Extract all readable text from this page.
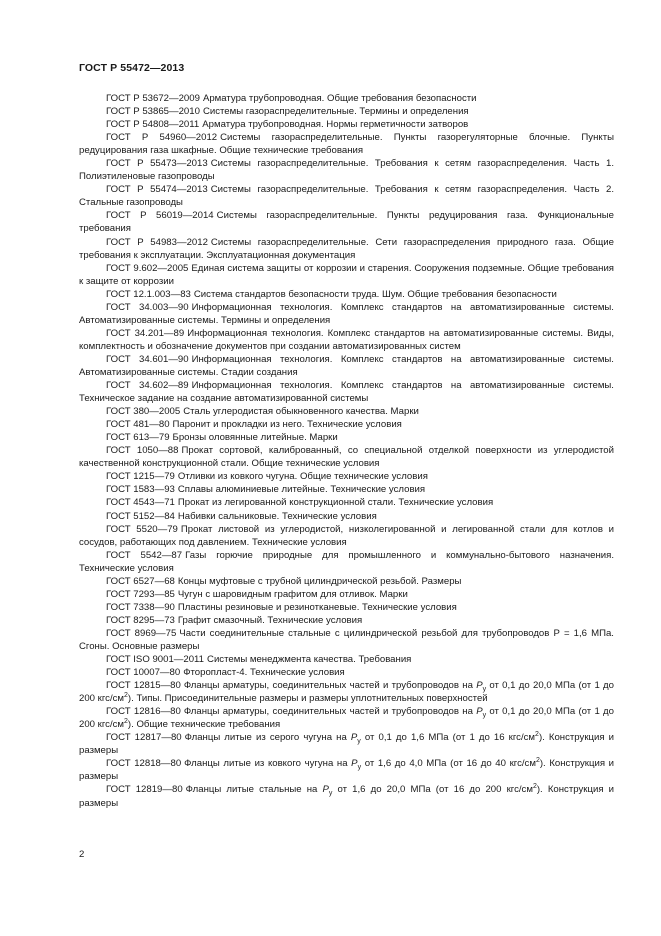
ГОСТ Р 55472—2013

ГОСТ Р 53672—2009 Арматура трубопроводная. Общие требования безопасности

ГОСТ Р 53865—2010 Системы газораспределительные. Термины и определения

ГОСТ Р 54808—2011 Арматура трубопроводная. Нормы герметичности затворов

ГОСТ Р 54960—2012 Системы газораспределительные. Пункты газорегуляторные блочные. Пункты редуцирования газа шкафные. Общие технические требования

ГОСТ Р 55473—2013 Системы газораспределительные. Требования к сетям газораспределения. Часть 1. Полиэтиленовые газопроводы

ГОСТ Р 55474—2013 Системы газораспределительные. Требования к сетям газораспределения. Часть 2. Стальные газопроводы

ГОСТ Р 56019—2014 Системы газораспределительные. Пункты редуцирования газа. Функциональные требования

ГОСТ Р 54983—2012 Системы газораспределительные. Сети газораспределения природного газа. Общие требования к эксплуатации. Эксплуатационная документация

ГОСТ 9.602—2005 Единая система защиты от коррозии и старения. Сооружения подземные. Общие требования к защите от коррозии

ГОСТ 12.1.003—83 Система стандартов безопасности труда. Шум. Общие требования безопасности

ГОСТ 34.003—90 Информационная технология. Комплекс стандартов на автоматизированные системы. Автоматизированные системы. Термины и определения

ГОСТ 34.201—89 Информационная технология. Комплекс стандартов на автоматизированные системы. Виды, комплектность и обозначение документов при создании автоматизированных систем

ГОСТ 34.601—90 Информационная технология. Комплекс стандартов на автоматизированные системы. Автоматизированные системы. Стадии создания

ГОСТ 34.602—89 Информационная технология. Комплекс стандартов на автоматизированные системы. Техническое задание на создание автоматизированной системы

ГОСТ 380—2005 Сталь углеродистая обыкновенного качества. Марки

ГОСТ 481—80 Паронит и прокладки из него. Технические условия

ГОСТ 613—79 Бронзы оловянные литейные. Марки

ГОСТ 1050—88 Прокат сортовой, калиброванный, со специальной отделкой поверхности из углеродистой качественной конструкционной стали. Общие технические условия

ГОСТ 1215—79 Отливки из ковкого чугуна. Общие технические условия

ГОСТ 1583—93 Сплавы алюминиевые литейные. Технические условия

ГОСТ 4543—71 Прокат из легированной конструкционной стали. Технические условия

ГОСТ 5152—84 Набивки сальниковые. Технические условия

ГОСТ 5520—79 Прокат листовой из углеродистой, низколегированной и легированной стали для котлов и сосудов, работающих под давлением. Технические условия

ГОСТ 5542—87 Газы горючие природные для промышленного и коммунально-бытового назначения. Технические условия

ГОСТ 6527—68 Концы муфтовые с трубной цилиндрической резьбой. Размеры

ГОСТ 7293—85 Чугун с шаровидным графитом для отливок. Марки

ГОСТ 7338—90 Пластины резиновые и резинотканевые. Технические условия

ГОСТ 8295—73 Графит смазочный. Технические условия

ГОСТ 8969—75 Части соединительные стальные с цилиндрической резьбой для трубопроводов Р = 1,6 МПа. Сгоны. Основные размеры

ГОСТ ISO 9001—2011 Системы менеджмента качества. Требования

ГОСТ 10007—80 Фторопласт-4. Технические условия

ГОСТ 12815—80 Фланцы арматуры, соединительных частей и трубопроводов на $Р_y$ от 0,1 до 20,0 МПа (от 1 до 200 кгс/$см^2$). Типы. Присоединительные размеры и размеры уплотнительных поверхностей

ГОСТ 12816—80 Фланцы арматуры, соединительных частей и трубопроводов на $Р_y$ от 0,1 до 20,0 МПа (от 1 до 200 кгс/$см^2$). Общие технические требования

ГОСТ 12817—80 Фланцы литые из серого чугуна на $Р_y$ от 0,1 до 1,6 МПа (от 1 до 16 кгс/$см^2$). Конструкция и размеры

ГОСТ 12818—80 Фланцы литые из ковкого чугуна на $Р_y$ от 1,6 до 4,0 МПа (от 16 до 40 кгс/$см^2$). Конструкция и размеры

ГОСТ 12819—80 Фланцы литые стальные на $Р_y$ от 1,6 до 20,0 МПа (от 16 до 200 кгс/$см^2$). Конструкция и размеры

2
